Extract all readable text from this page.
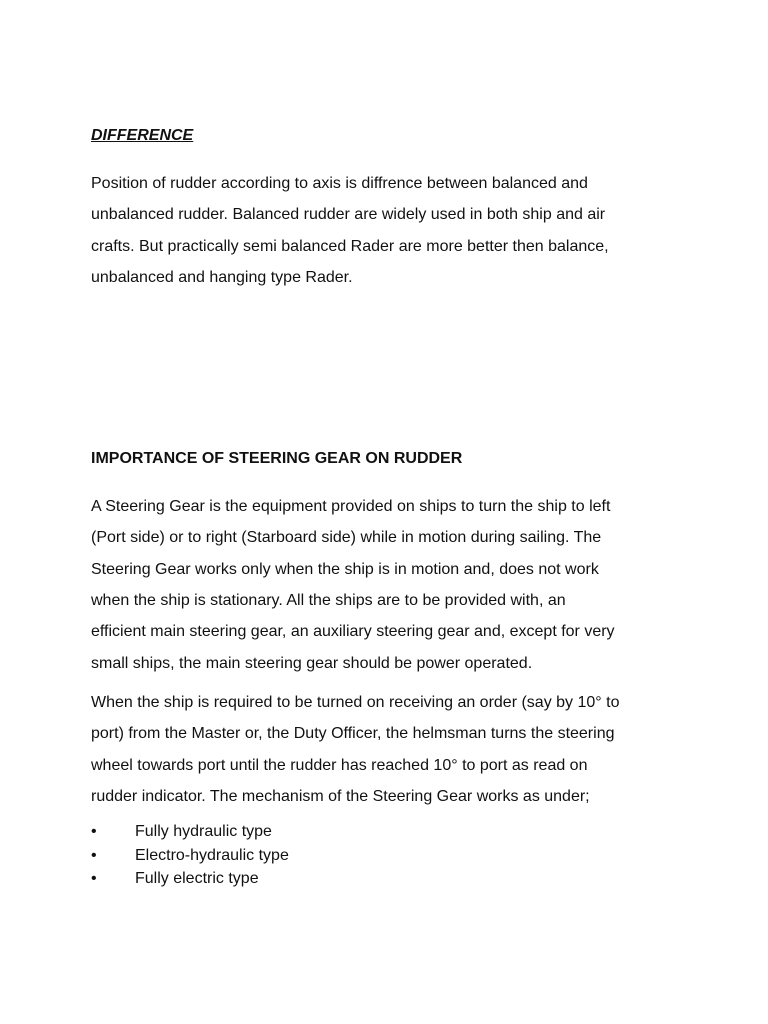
DIFFERENCE

Position of rudder according to axis is diffrence between balanced and
unbalanced rudder. Balanced rudder are widely used in both ship and air
crafts. But practically semi balanced Rader are more better then balance,
unbalanced and hanging type Rader.

IMPORTANCE OF STEERING GEAR ON RUDDER

A Steering Gear is the equipment provided on ships to turn the ship to left
(Port side) or to right (Starboard side) while in motion during sailing. The
Steering Gear works only when the ship is in motion and, does not work
when the ship is stationary. All the ships are to be provided with, an
efficient main steering gear, an auxiliary steering gear and, except for very
small ships, the main steering gear should be power operated.

When the ship is required to be turned on receiving an order (say by 10° to
port) from the Master or, the Duty Officer, the helmsman turns the steering
wheel towards port until the rudder has reached 10° to port as read on
rudder indicator. The mechanism of the Steering Gear works as under;

• Fully hydraulic type
• Electro-hydraulic type
• Fully electric type
